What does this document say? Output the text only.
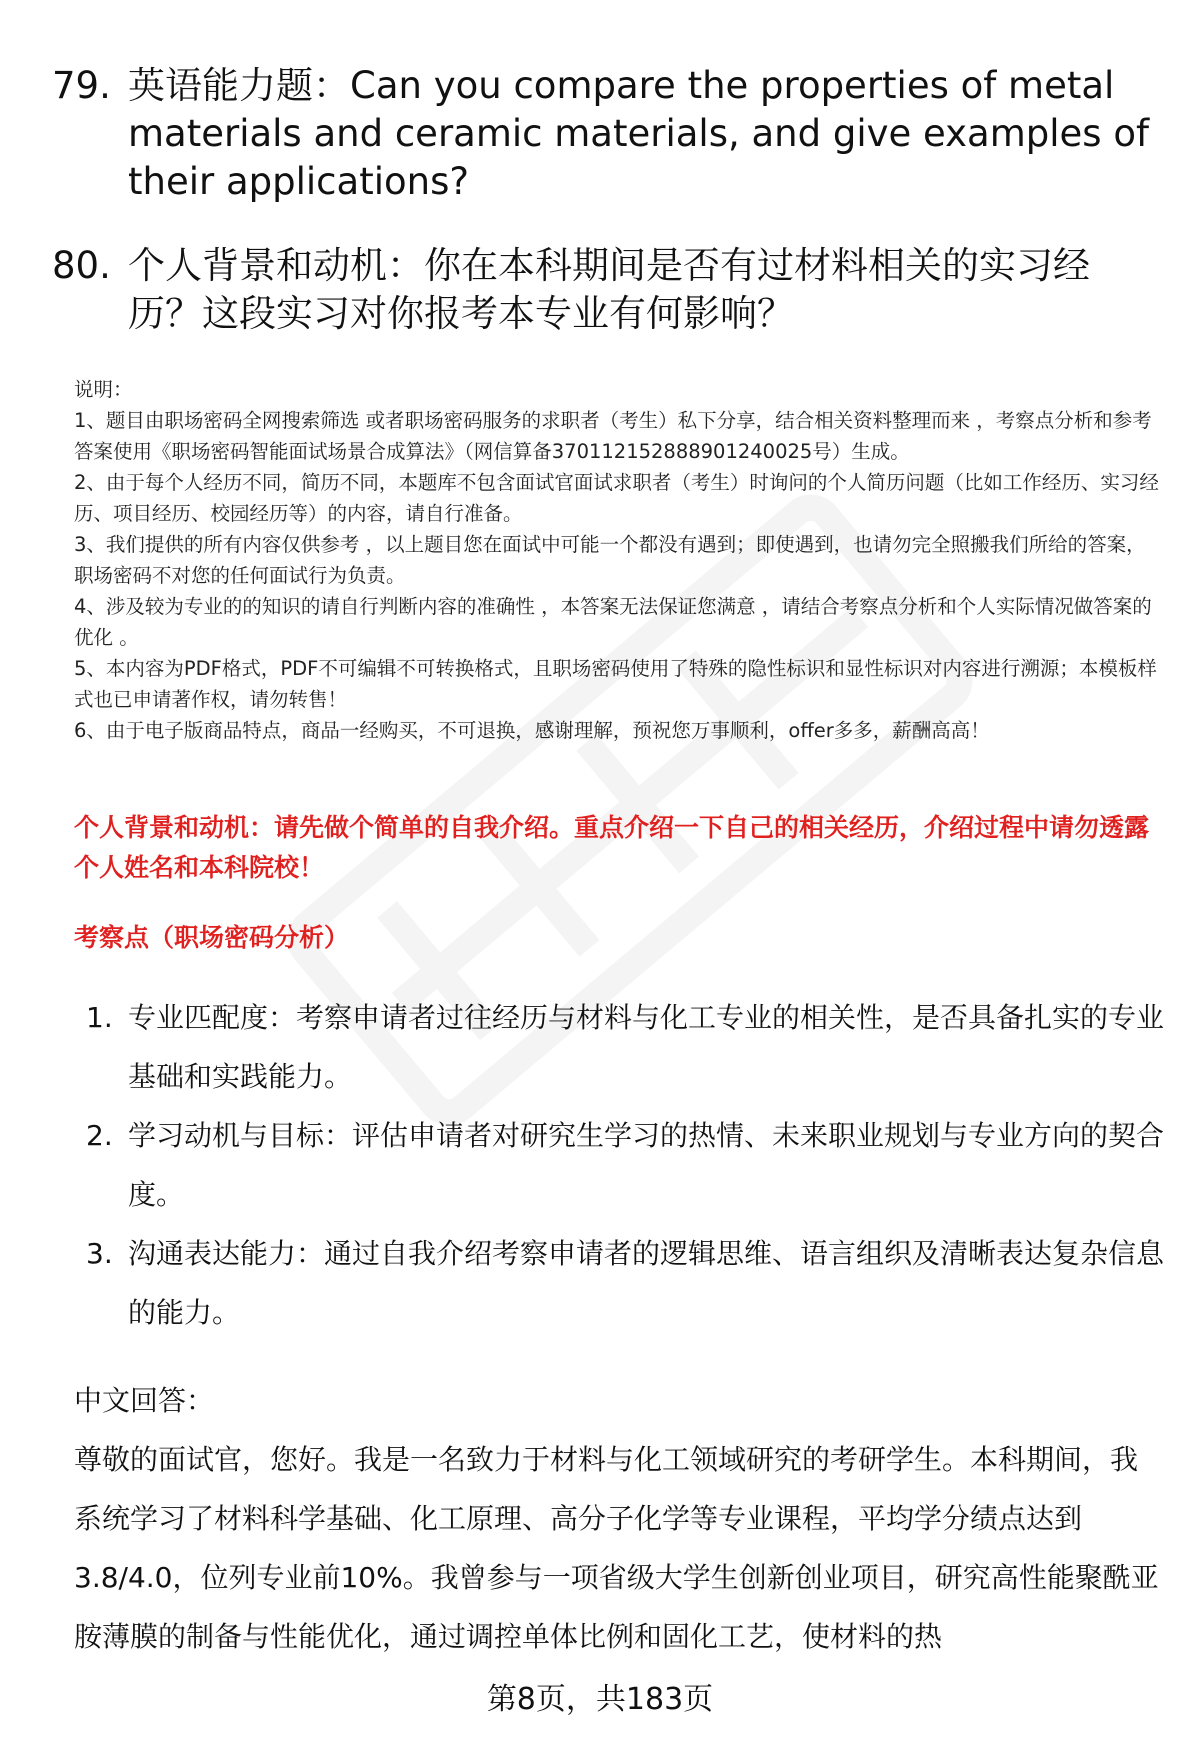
79. 英语能力题：Can you compare the properties of metal materials and ceramic materials, and give examples of their applications?
80. 个人背景和动机：你在本科期间是否有过材料相关的实习经历？这段实习对你报考本专业有何影响？

说明：

1、题目由职场密码全网搜索筛选 或者职场密码服务的求职者（考生）私下分享，结合相关资料整理而来 ，考察点分析和参考答案使用《职场密码智能面试场景合成算法》（网信算备370112152888901240025号）生成。

2、由于每个人经历不同，简历不同，本题库不包含面试官面试求职者（考生）时询问的个人简历问题（比如工作经历、实习经历、项目经历、校园经历等）的内容，请自行准备。

3、我们提供的所有内容仅供参考 ，以上题目您在面试中可能一个都没有遇到；即使遇到，也请勿完全照搬我们所给的答案，职场密码不对您的任何面试行为负责。

4、涉及较为专业的的知识的请自行判断内容的准确性 ，本答案无法保证您满意 ，请结合考察点分析和个人实际情况做答案的优化 。

5、本内容为PDF格式，PDF不可编辑不可转换格式，且职场密码使用了特殊的隐性标识和显性标识对内容进行溯源；本模板样式也已申请著作权，请勿转售！

6、由于电子版商品特点，商品一经购买，不可退换，感谢理解，预祝您万事顺利，offer多多，薪酬高高！

个人背景和动机：请先做个简单的自我介绍。重点介绍一下自己的相关经历，介绍过程中请勿透露个人姓名和本科院校！
考察点（职场密码分析）
1. 专业匹配度：考察申请者过往经历与材料与化工专业的相关性，是否具备扎实的专业基础和实践能力。
2. 学习动机与目标：评估申请者对研究生学习的热情、未来职业规划与专业方向的契合度。
3. 沟通表达能力：通过自我介绍考察申请者的逻辑思维、语言组织及清晰表达复杂信息的能力。
中文回答：

尊敬的面试官，您好。我是一名致力于材料与化工领域研究的考研学生。本科期间，我系统学习了材料科学基础、化工原理、高分子化学等专业课程，平均学分绩点达到3.8/4.0，位列专业前10%。我曾参与一项省级大学生创新创业项目，研究高性能聚酰亚胺薄膜的制备与性能优化，通过调控单体比例和固化工艺，使材料的热

第8页，共183页
